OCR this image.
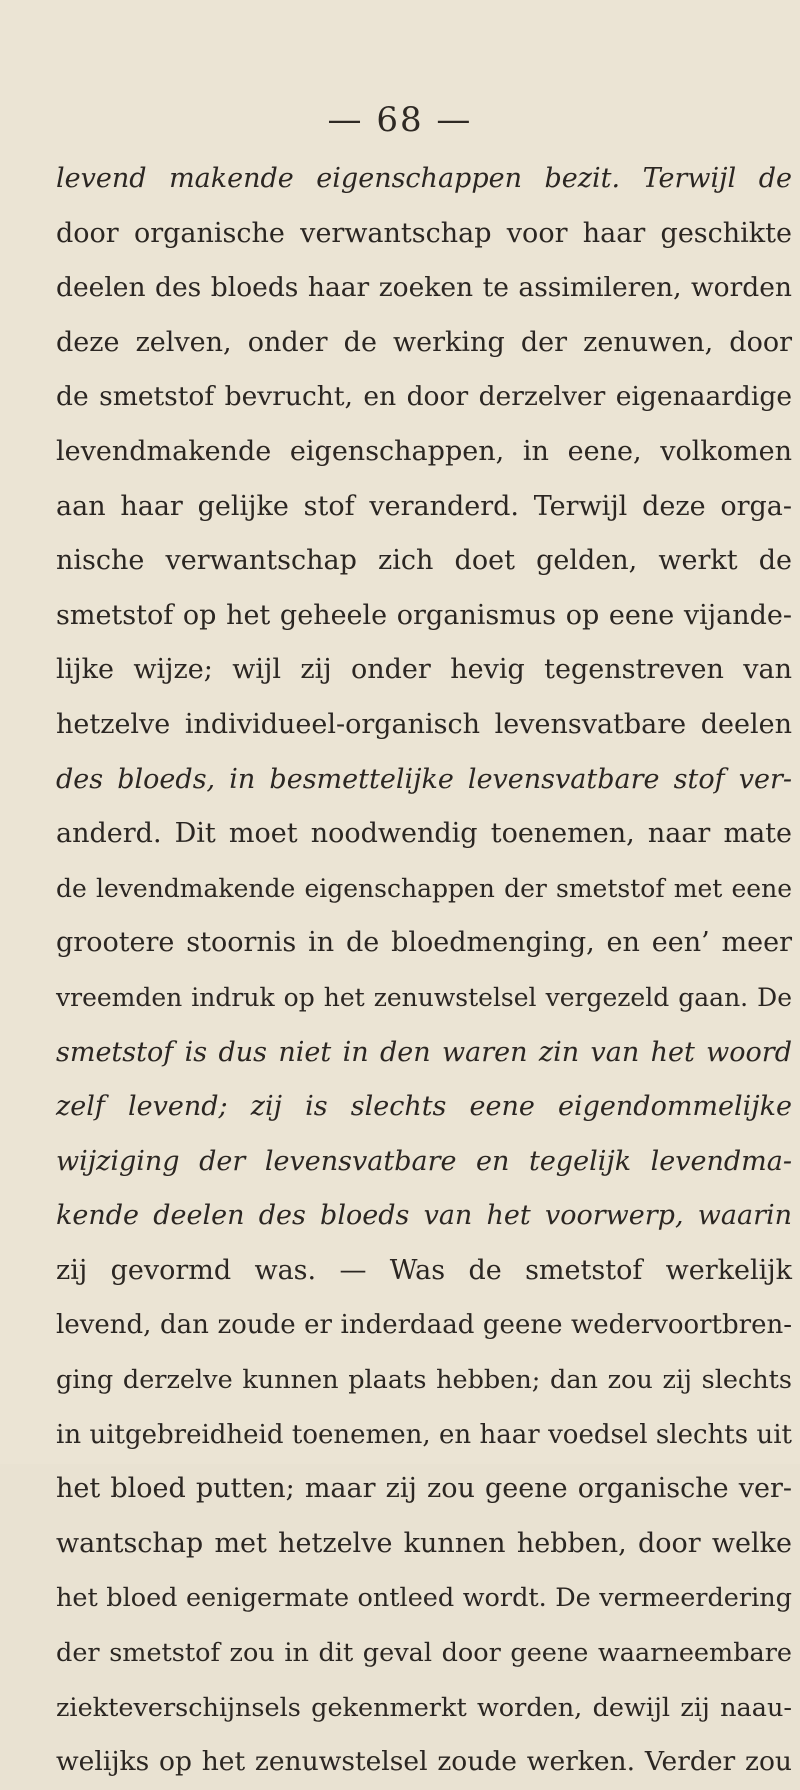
— 68 —
levend makende eigenschappen bezit. Terwijl de
door organische verwantschap voor haar geschikte
deelen des bloeds haar zoeken te assimileren, worden
deze zelven, onder de werking der zenuwen, door
de smetstof bevrucht, en door derzelver eigenaardige
levendmakende eigenschappen, in eene, volkomen
aan haar gelijke stof veranderd. Terwijl deze orga-
nische verwantschap zich doet gelden, werkt de
smetstof op het geheele organismus op eene vijande-
lijke wijze; wijl zij onder hevig tegenstreven van
hetzelve individueel-organisch levensvatbare deelen
des bloeds, in besmettelijke levensvatbare stof ver-
anderd. Dit moet noodwendig toenemen, naar mate
de levendmakende eigenschappen der smetstof met eene
grootere stoornis in de bloedmenging, en een’ meer
vreemden indruk op het zenuwstelsel vergezeld gaan. De
smetstof is dus niet in den waren zin van het woord
zelf levend; zij is slechts eene eigendommelijke
wijziging der levensvatbare en tegelijk levendma-
kende deelen des bloeds van het voorwerp, waarin
zij gevormd was. — Was de smetstof werkelijk
levend, dan zoude er inderdaad geene wedervoortbren-
ging derzelve kunnen plaats hebben; dan zou zij slechts
in uitgebreidheid toenemen, en haar voedsel slechts uit
het bloed putten; maar zij zou geene organische ver-
wantschap met hetzelve kunnen hebben, door welke
het bloed eenigermate ontleed wordt. De vermeerdering
der smetstof zou in dit geval door geene waarneembare
ziekteverschijnsels gekenmerkt worden, dewijl zij naau-
welijks op het zenuwstelsel zoude werken. Verder zou
